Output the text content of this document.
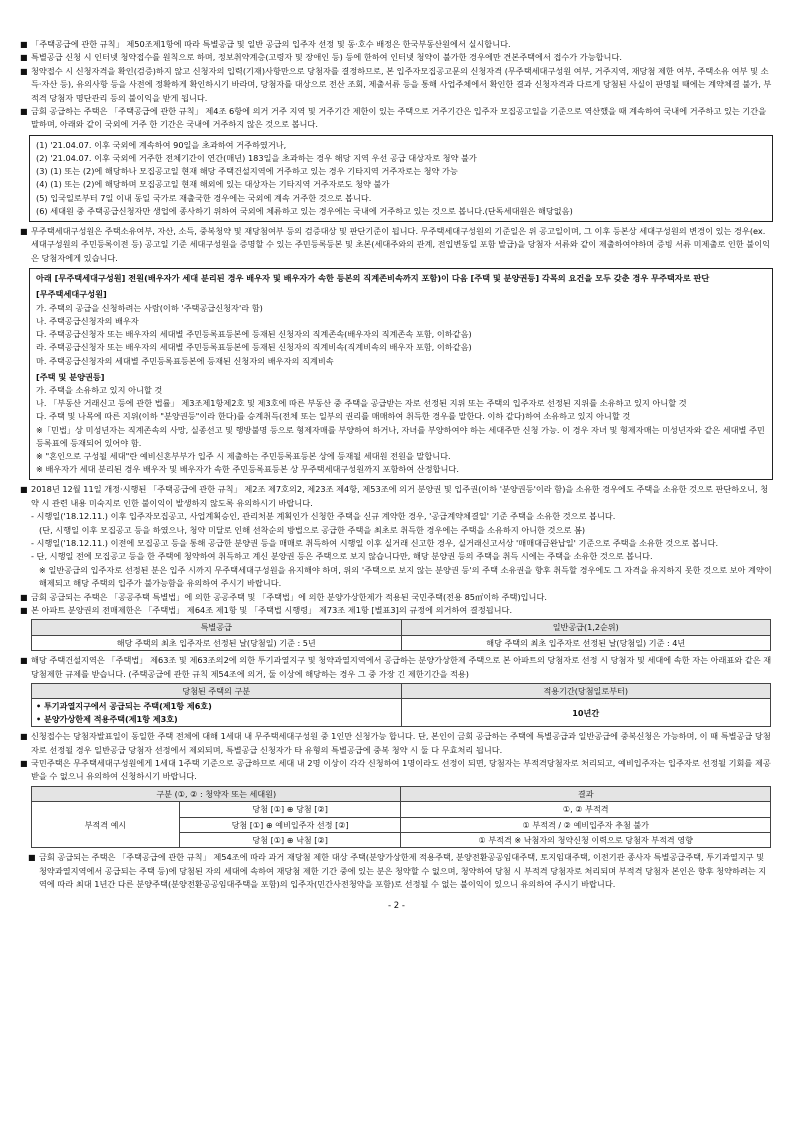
■ 「주택공급에 관한 규칙」 제50조제1항에 따라 특별공급 및 일반 공급의 입주자 선정 및 동·호수 배정은 한국부동산원에서 실시합니다.

■ 특별공급 신청 시 인터넷 청약접수를 원칙으로 하며, 정보취약계층(고령자 및 장애인 등) 등에 한하여 인터넷 청약이 불가한 경우에만 견본주택에서 접수가 가능합니다.

■ 청약접수 시 신청자격을 확인(검증)하지 않고 신청자의 입력(기재)사항만으로 당첨자를 결정하므로, 본 입주자모집공고문의 신청자격 (무주택세대구성원 여부, 거주지역, 재당첨 제한 여부, 주택소유 여부 및 소득·자산 등), 유의사항 등을 사전에 정확하게 확인하시기 바라며, 당첨자를 대상으로 전산 조회, 제출서류 등을 통해 사업주체에서 확인한 결과 신청자격과 다르게 당첨된 사실이 판명될 때에는 계약체결 불가, 부적격 당첨자 명단관리 등의 불이익을 받게 됩니다.

■ 금회 공급하는 주택은 「주택공급에 관한 규칙」 제4조 6항에 의거 거주 지역 및 거주기간 제한이 있는 주택으로 거주기간은 입주자 모집공고일을 기준으로 역산했을 때 계속하여 국내에 거주하고 있는 기간을 말하며, 아래와 같이 국외에 거주 한 기간은 국내에 거주하지 않은 것으로 봅니다.

(1) '21.04.07. 이후 국외에 계속하여 90일을 초과하여 거주하였거나,

(2) '21.04.07. 이후 국외에 거주한 전체기간이 연간(매년) 183일을 초과하는 경우 해당 지역 우선 공급 대상자로 청약 불가

(3) (1) 또는 (2)에 해당하나 모집공고일 현재 해당 주택건설지역에 거주하고 있는 경우 기타지역 거주자로는 청약 가능

(4) (1) 또는 (2)에 해당하며 모집공고일 현재 해외에 있는 대상자는 기타지역 거주자로도 청약 불가

(5) 입국일로부터 7일 이내 동일 국가로 재출국한 경우에는 국외에 계속 거주한 것으로 봅니다.

(6) 세대원 중 주택공급신청자만 생업에 종사하기 위하여 국외에 체류하고 있는 경우에는 국내에 거주하고 있는 것으로 봅니다.(단독세대원은 해당없음)

■ 무주택세대구성원은 주택소유여부, 자산, 소득, 중복청약 및 재당첨여부 등의 검증대상 및 판단기준이 됩니다. 무주택세대구성원의 기준일은 위 공고일이며, 그 이후 등본상 세대구성원의 변경이 있는 경우(ex. 세대구성원의 주민등록이전 등) 공고일 기준 세대구성원을 증명할 수 있는 주민등록등본 및 초본(세대주와의 관계, 전입변동일 포함 발급)을 당첨자 서류와 같이 제출하여야하며 증빙 서류 미제출로 인한 불이익은 당첨자에게 있습니다.

아래 [무주택세대구성원] 전원(배우자가 세대 분리된 경우 배우자 및 배우자가 속한 등본의 직계존비속까지 포함)이 다음 [주택 및 분양권등] 각목의 요건을 모두 갖춘 경우 무주택자로 판단

[무주택세대구성원]

가. 주택의 공급을 신청하려는 사람(이하 '주택공급신청자'라 함)

나. 주택공급신청자의 배우자

다. 주택공급신청자 또는 배우자의 세대별 주민등록표등본에 등재된 신청자의 직계존속(배우자의 직계존속 포함, 이하같음)

라. 주택공급신청자 또는 배우자의 세대별 주민등록표등본에 등재된 신청자의 직계비속(직계비속의 배우자 포함, 이하같음)

마. 주택공급신청자의 세대별 주민등록표등본에 등재된 신청자의 배우자의 직계비속

[주택 및 분양권등]

가. 주택을 소유하고 있지 아니할 것

나. 「부동산 거래신고 등에 관한 법률」 제3조제1항제2호 및 제3호에 따른 부동산 중 주택을 공급받는 자로 선정된 지위 또는 주택의 입주자로 선정된 지위를 소유하고 있지 아니할 것

다. 주택 및 나목에 따른 지위(이하 "분양권등"이라 한다)를 승계취득(전체 또는 일부의 권리를 매매하여 취득한 경우를 말한다. 이하 같다)하여 소유하고 있지 아니할 것

※「민법」상 미성년자는 직계존속의 사망, 실종선고 및 행방불명 등으로 형제자매를 부양하여 하거나, 자녀를 부양하여야 하는 세대주만 신청 가능. 이 경우 자녀 및 형제자매는 미성년자와 같은 세대별 주민등록표에 등재되어 있어야 함.

※ "혼인으로 구성될 세대"란 예비신혼부부가 입주 시 제출하는 주민등록표등본 상에 등재될 세대원 전원을 말합니다.

※ 배우자가 세대 분리된 경우 배우자 및 배우자가 속한 주민등록표등본 상 무주택세대구성원까지 포함하여 산정합니다.

■ 2018년 12월 11일 개정·시행된 「주택공급에 관한 규칙」 제2조 제7호의2, 제23조 제4항, 제53조에 의거 분양권 및 입주권(이하 '분양권등'이라 함)을 소유한 경우에도 주택을 소유한 것으로 판단하오니, 청약 시 관련 내용 미숙지로 인한 불이익이 발생하지 않도록 유의하시기 바랍니다.

- 시행일('18.12.11.) 이후 입주자모집공고, 사업계획승인, 관리처분 계획인가 신청한 주택을 신규 계약한 경우, '공급계약체결일' 기준 주택을 소유한 것으로 봅니다.

(단, 시행일 이후 모집공고 등을 하였으나, 청약 미달로 인해 선착순의 방법으로 공급한 주택을 최초로 취득한 경우에는 주택을 소유하지 아니한 것으로 봄)

- 시행일('18.12.11.) 이전에 모집공고 등을 통해 공급한 분양권 등을 매매로 취득하여 시행일 이후 실거래 신고한 경우, 실거래신고서상 '매매대금완납일' 기준으로 주택을 소유한 것으로 봅니다.

- 단, 시행일 전에 모집공고 등을 한 주택에 청약하여 취득하고 계신 분양권 등은 주택으로 보지 않습니다만, 해당 분양권 등의 주택을 취득 시에는 주택을 소유한 것으로 봅니다.

※ 일반공급의 입주자로 선정된 분은 입주 시까지 무주택세대구성원을 유지해야 하며, 위의 '주택으로 보지 않는 분양권 등'의 주택 소유권을 향후 취득할 경우에도 그 자격을 유지하지 못한 것으로 보아 계약이 해제되고 해당 주택의 입주가 불가능함을 유의하여 주시기 바랍니다.

■ 금회 공급되는 주택은 「공공주택 특별법」에 의한 공공주택 및 「주택법」에 의한 분양가상한제가 적용된 국민주택(전용 85㎡이하 주택)입니다.

■ 본 아파트 분양권의 전매제한은 「주택법」 제64조 제1항 및 「주택법 시행령」 제73조 제1항 [별표3]의 규정에 의거하여 결정됩니다.

특별공급	일반공급(1,2순위)
해당 주택의 최초 입주자로 선정된 날(당첨일) 기준 : 5년	해당 주택의 최초 입주자로 선정된 날(당첨일) 기준 : 4년

■ 해당 주택건설지역은 「주택법」 제63조 및 제63조의2에 의한 투기과열지구 및 청약과열지역에서 공급하는 분양가상한제 주택으로 본 아파트의 당첨자로 선정 시 당첨자 및 세대에 속한 자는 아래표와 같은 재당첨제한 규제를 받습니다. (주택공급에 관한 규칙 제54조에 의거, 둘 이상에 해당하는 경우 그 중 가장 긴 제한기간을 적용)

당첨된 주택의 구분	적용기간(당첨일로부터)

• 투기과열지구에서 공급되는 주택(제1항 제6호)
• 분양가상한제 적용주택(제1항 제3호)	10년간

■ 신청접수는 당첨자발표일이 동일한 주택 전체에 대해 1세대 내 무주택세대구성원 중 1인만 신청가능 합니다. 단, 본인이 금회 공급하는 주택에 특별공급과 일반공급에 중복신청은 가능하며, 이 때 특별공급 당첨자로 선정될 경우 일반공급 당첨자 선정에서 제외되며, 특별공급 신청자가 타 유형의 특별공급에 중복 청약 시 둘 다 무효처리 됩니다.

■ 국민주택은 무주택세대구성원에게 1세대 1주택 기준으로 공급하므로 세대 내 2명 이상이 각각 신청하여 1명이라도 선정이 되면, 당첨자는 부적격당첨자로 처리되고, 예비입주자는 입주자로 선정될 기회를 제공받을 수 없으니 유의하여 신청하시기 바랍니다.

구분 (①, ② : 청약자 또는 세대원)		결과
부적격 예시	당첨 [①] ⊕ 당첨 [②]	①, ② 부적격
	당첨 [①] ⊕ 예비입주자 선정 [②]	① 부적격 / ② 예비입주자 추첨 불가
	당첨 [①] ⊕ 낙첨 [②]	① 부적격 ※ 낙첨자의 청약신청 이력으로 당첨자 부적격 영향

■ 금회 공급되는 주택은 「주택공급에 관한 규칙」 제54조에 따라 과거 재당첨 제한 대상 주택(분양가상한제 적용주택, 분양전환공공임대주택, 토지임대주택, 이전기관 종사자 특별공급주택, 투기과열지구 및 청약과열지역에서 공급되는 주택 등)에 당첨된 자의 세대에 속하여 재당첨 제한 기간 중에 있는 분은 청약할 수 없으며, 청약하여 당첨 시 부적격 당첨자로 처리되며 부적격 당첨자 본인은 향후 청약하려는 지역에 따라 최대 1년간 다른 분양주택(분양전환공공임대주택을 포함)의 입주자(민간사전청약을 포함)로 선정될 수 없는 불이익이 있으니 유의하여 주시기 바랍니다.

- 2 -
